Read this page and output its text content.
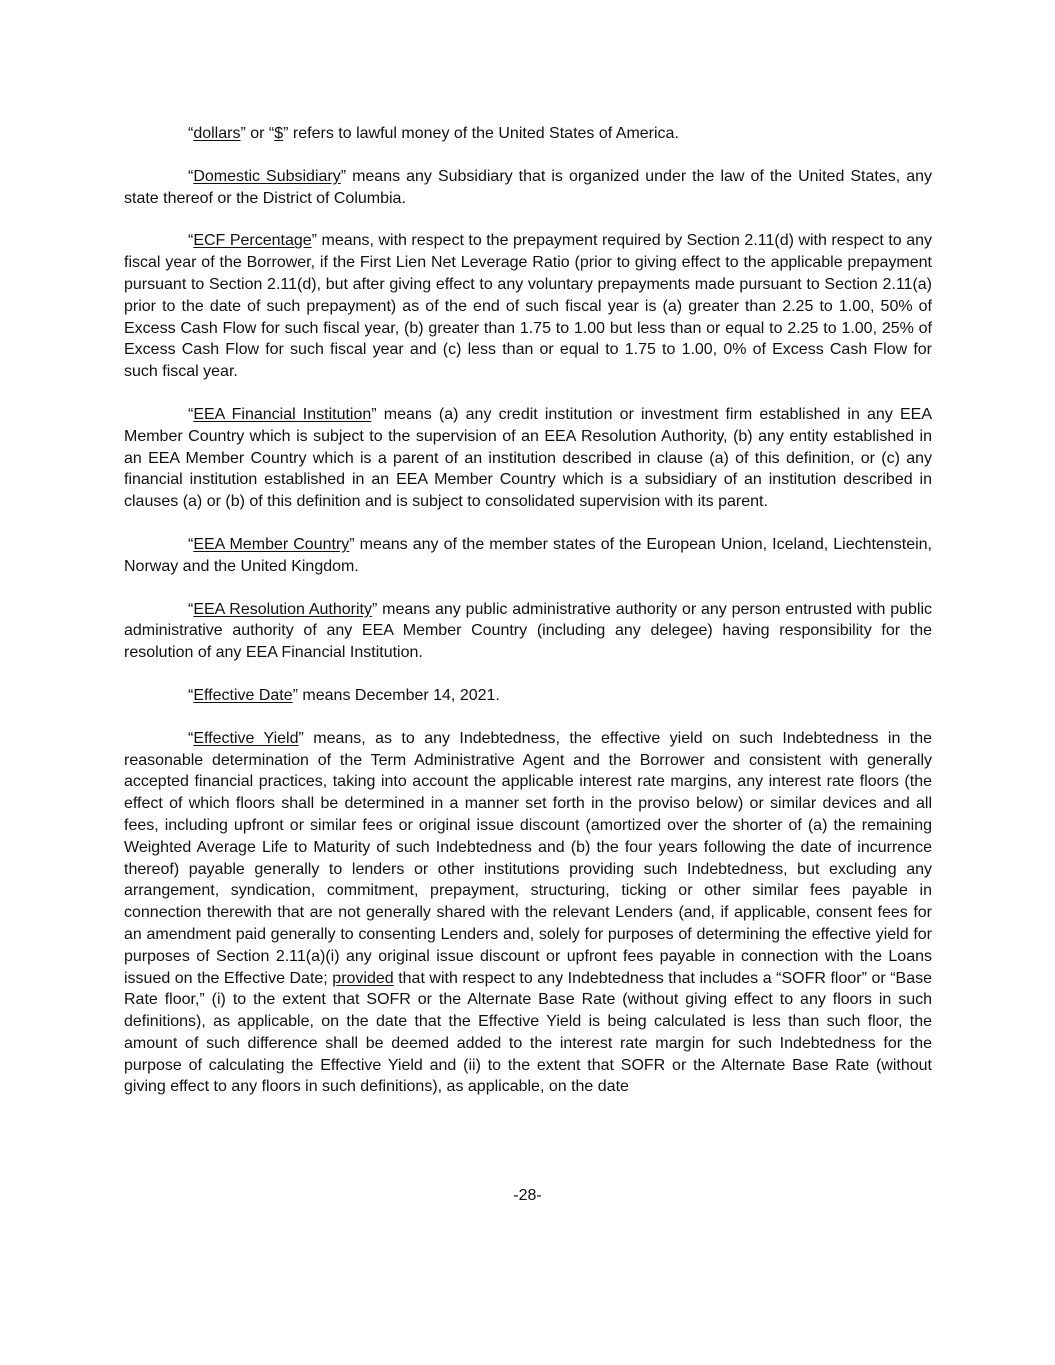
“dollars” or “$” refers to lawful money of the United States of America.

“Domestic Subsidiary” means any Subsidiary that is organized under the law of the United States, any state thereof or the District of Columbia.

“ECF Percentage” means, with respect to the prepayment required by Section 2.11(d) with respect to any fiscal year of the Borrower, if the First Lien Net Leverage Ratio (prior to giving effect to the applicable prepayment pursuant to Section 2.11(d), but after giving effect to any voluntary prepayments made pursuant to Section 2.11(a) prior to the date of such prepayment) as of the end of such fiscal year is (a) greater than 2.25 to 1.00, 50% of Excess Cash Flow for such fiscal year, (b) greater than 1.75 to 1.00 but less than or equal to 2.25 to 1.00, 25% of Excess Cash Flow for such fiscal year and (c) less than or equal to 1.75 to 1.00, 0% of Excess Cash Flow for such fiscal year.

“EEA Financial Institution” means (a) any credit institution or investment firm established in any EEA Member Country which is subject to the supervision of an EEA Resolution Authority, (b) any entity established in an EEA Member Country which is a parent of an institution described in clause (a) of this definition, or (c) any financial institution established in an EEA Member Country which is a subsidiary of an institution described in clauses (a) or (b) of this definition and is subject to consolidated supervision with its parent.

“EEA Member Country” means any of the member states of the European Union, Iceland, Liechtenstein, Norway and the United Kingdom.

“EEA Resolution Authority” means any public administrative authority or any person entrusted with public administrative authority of any EEA Member Country (including any delegee) having responsibility for the resolution of any EEA Financial Institution.

“Effective Date” means December 14, 2021.

“Effective Yield” means, as to any Indebtedness, the effective yield on such Indebtedness in the reasonable determination of the Term Administrative Agent and the Borrower and consistent with generally accepted financial practices, taking into account the applicable interest rate margins, any interest rate floors (the effect of which floors shall be determined in a manner set forth in the proviso below) or similar devices and all fees, including upfront or similar fees or original issue discount (amortized over the shorter of (a) the remaining Weighted Average Life to Maturity of such Indebtedness and (b) the four years following the date of incurrence thereof) payable generally to lenders or other institutions providing such Indebtedness, but excluding any arrangement, syndication, commitment, prepayment, structuring, ticking or other similar fees payable in connection therewith that are not generally shared with the relevant Lenders (and, if applicable, consent fees for an amendment paid generally to consenting Lenders and, solely for purposes of determining the effective yield for purposes of Section 2.11(a)(i) any original issue discount or upfront fees payable in connection with the Loans issued on the Effective Date; provided that with respect to any Indebtedness that includes a “SOFR floor” or “Base Rate floor,” (i) to the extent that SOFR or the Alternate Base Rate (without giving effect to any floors in such definitions), as applicable, on the date that the Effective Yield is being calculated is less than such floor, the amount of such difference shall be deemed added to the interest rate margin for such Indebtedness for the purpose of calculating the Effective Yield and (ii) to the extent that SOFR or the Alternate Base Rate (without giving effect to any floors in such definitions), as applicable, on the date

-28-
